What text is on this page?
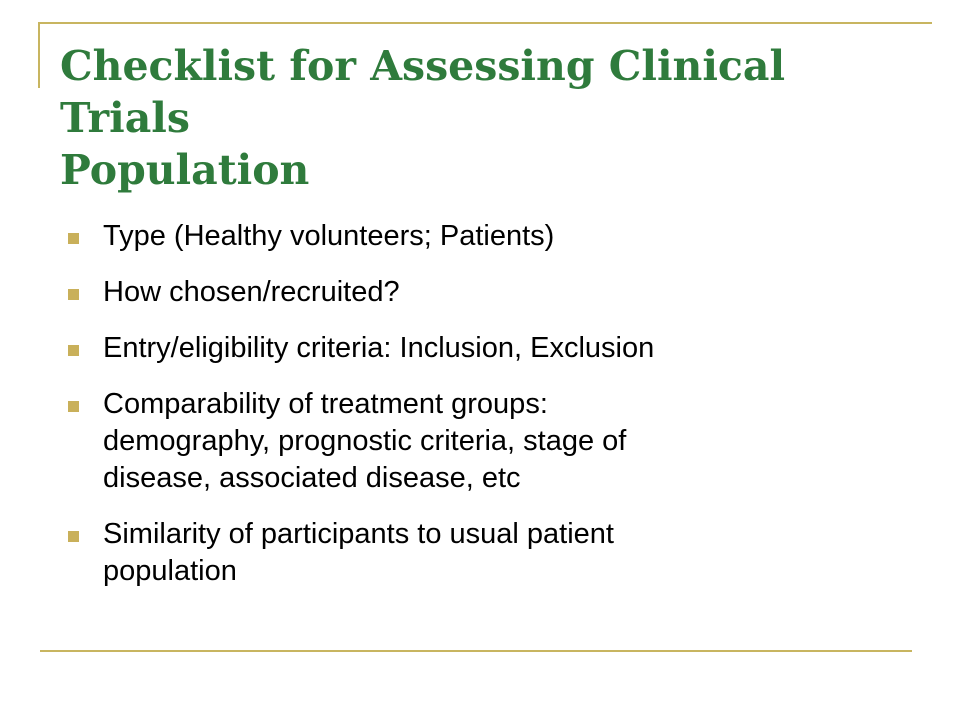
Checklist for Assessing Clinical Trials
Population
Type (Healthy volunteers; Patients)
How chosen/recruited?
Entry/eligibility criteria: Inclusion, Exclusion
Comparability of treatment groups:
demography, prognostic criteria, stage of
disease, associated disease, etc
Similarity of participants to usual patient
population
